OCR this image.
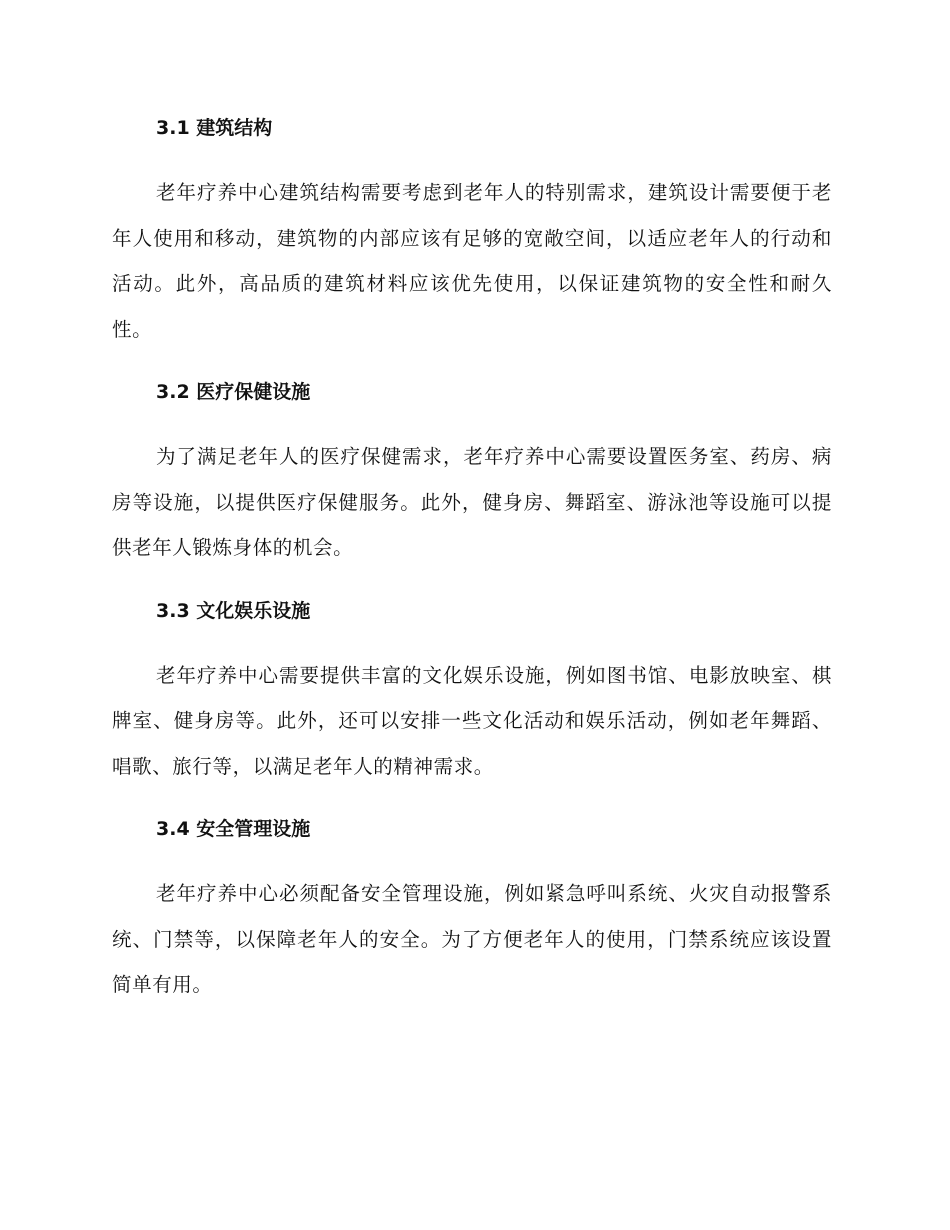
3.1 建筑结构

老年疗养中心建筑结构需要考虑到老年人的特别需求，建筑设计需要便于老年人使用和移动，建筑物的内部应该有足够的宽敞空间，以适应老年人的行动和活动。此外，高品质的建筑材料应该优先使用，以保证建筑物的安全性和耐久性。

3.2 医疗保健设施

为了满足老年人的医疗保健需求，老年疗养中心需要设置医务室、药房、病房等设施，以提供医疗保健服务。此外，健身房、舞蹈室、游泳池等设施可以提供老年人锻炼身体的机会。

3.3 文化娱乐设施

老年疗养中心需要提供丰富的文化娱乐设施，例如图书馆、电影放映室、棋牌室、健身房等。此外，还可以安排一些文化活动和娱乐活动，例如老年舞蹈、唱歌、旅行等，以满足老年人的精神需求。

3.4 安全管理设施

老年疗养中心必须配备安全管理设施，例如紧急呼叫系统、火灾自动报警系统、门禁等，以保障老年人的安全。为了方便老年人的使用，门禁系统应该设置简单有用。
